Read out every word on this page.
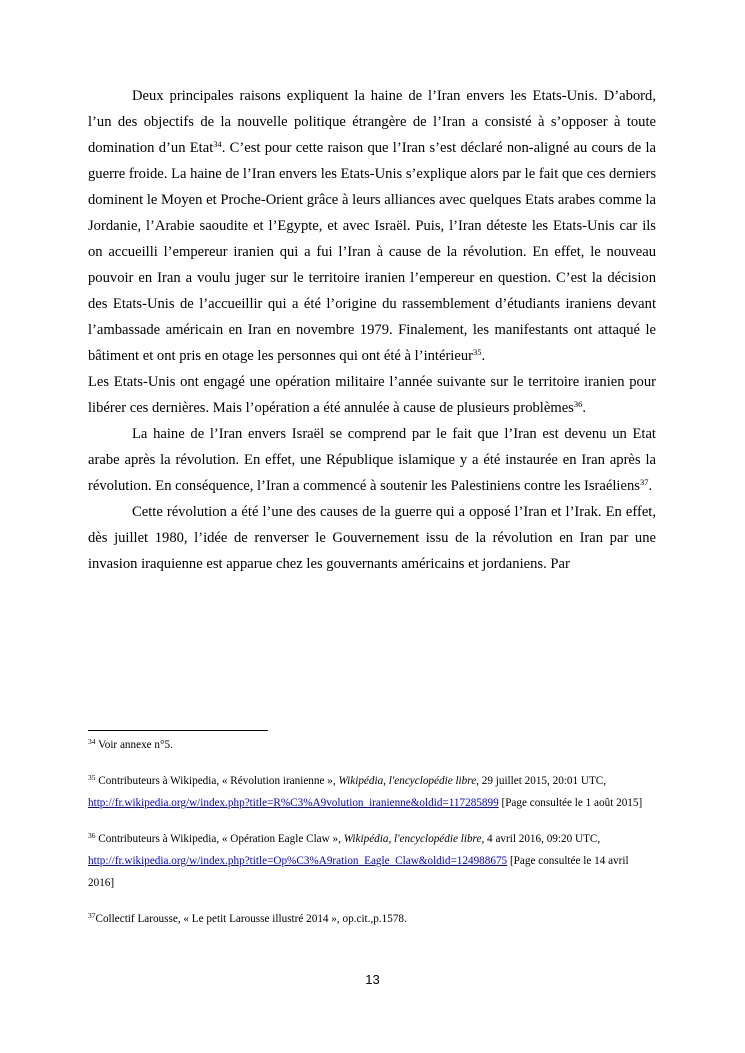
Deux principales raisons expliquent la haine de l’Iran envers les Etats-Unis. D’abord, l’un des objectifs de la nouvelle politique étrangère de l’Iran a consisté à s’opposer à toute domination d’un Etat$^{34}$. C’est pour cette raison que l’Iran s’est déclaré non-aligné au cours de la guerre froide. La haine de l’Iran envers les Etats-Unis s’explique alors par le fait que ces derniers dominent le Moyen et Proche-Orient grâce à leurs alliances avec quelques Etats arabes comme la Jordanie, l’Arabie saoudite et l’Egypte, et avec Israël. Puis, l’Iran déteste les Etats-Unis car ils on accueilli l’empereur iranien qui a fui l’Iran à cause de la révolution. En effet, le nouveau pouvoir en Iran a voulu juger sur le territoire iranien l’empereur en question. C’est la décision des Etats-Unis de l’accueillir qui a été l’origine du rassemblement d’étudiants iraniens devant l’ambassade américain en Iran en novembre 1979. Finalement, les manifestants ont attaqué le bâtiment et ont pris en otage les personnes qui ont été à l’intérieur$^{35}$.

Les Etats-Unis ont engagé une opération militaire l’année suivante sur le territoire iranien pour libérer ces dernières. Mais l’opération a été annulée à cause de plusieurs problèmes$^{36}$.

La haine de l’Iran envers Israël se comprend par le fait que l’Iran est devenu un Etat arabe après la révolution. En effet, une République islamique y a été instaurée en Iran après la révolution. En conséquence, l’Iran a commencé à soutenir les Palestiniens contre les Israéliens$^{37}$.

Cette révolution a été l’une des causes de la guerre qui a opposé l’Iran et l’Irak. En effet, dès juillet 1980, l’idée de renverser le Gouvernement issu de la révolution en Iran par une invasion iraquienne est apparue chez les gouvernants américains et jordaniens. Par

$^{34}$ Voir annexe n°5.
$^{35}$ Contributeurs à Wikipedia, « Révolution iranienne », Wikipédia, l'encyclopédie libre, 29 juillet 2015, 20:01 UTC, http://fr.wikipedia.org/w/index.php?title=R%C3%A9volution_iranienne&oldid=117285899 [Page consultée le 1 août 2015]
$^{36}$ Contributeurs à Wikipedia, « Opération Eagle Claw », Wikipédia, l'encyclopédie libre, 4 avril 2016, 09:20 UTC, http://fr.wikipedia.org/w/index.php?title=Op%C3%A9ration_Eagle_Claw&oldid=124988675 [Page consultée le 14 avril 2016]
$^{37}$Collectif Larousse, « Le petit Larousse illustré 2014 », op.cit.,p.1578.
13
